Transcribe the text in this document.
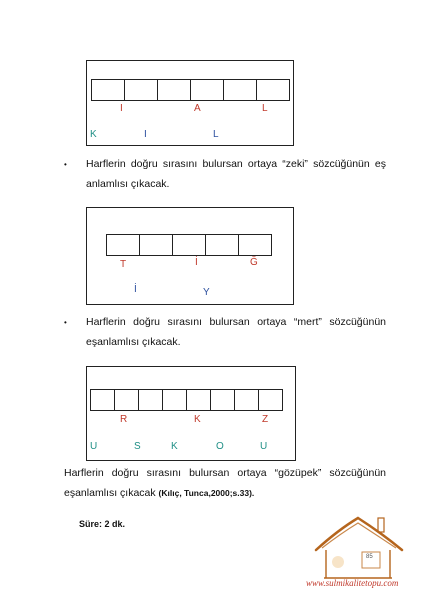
I	A	L
K	I	L
• Harflerin doğru sırasını bulursan ortaya “zeki” sözcüğünün eş
anlamlısı çıkacak.
T	İ	Ğ
İ	Y
• Harflerin doğru sırasını bulursan ortaya “mert” sözcüğünün
eşanlamlısı çıkacak.
R	K	Z
U	S	K	O	U
Harflerin doğru sırasını bulursan ortaya “gözüpek” sözcüğünün
eşanlamlısı çıkacak (Kılıç, Tunca,2000;s.33).
Süre: 2 dk.
85
www.sulmikalitetopu.com
